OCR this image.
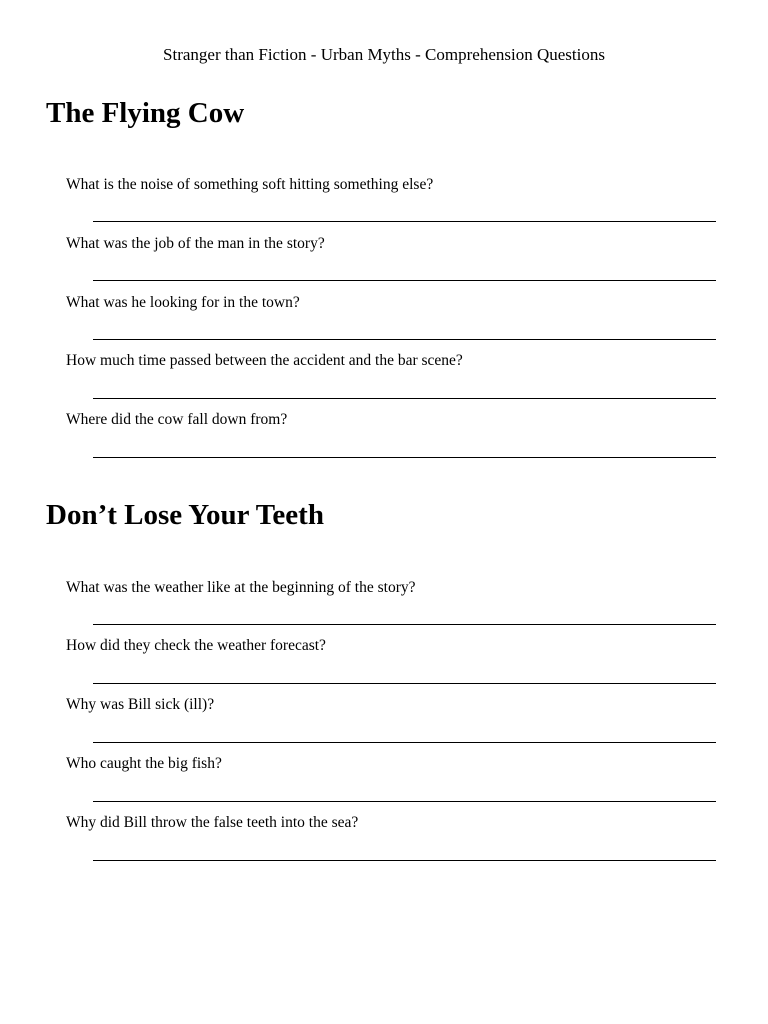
Stranger than Fiction - Urban Myths - Comprehension Questions
The Flying Cow
What is the noise of something soft hitting something else?
What was the job of the man in the story?
What was he looking for in the town?
How much time passed between the accident and the bar scene?
Where did the cow fall down from?
Don’t Lose Your Teeth
What was the weather like at the beginning of the story?
How did they check the weather forecast?
Why was Bill sick (ill)?
Who caught the big fish?
Why did Bill throw the false teeth into the sea?
